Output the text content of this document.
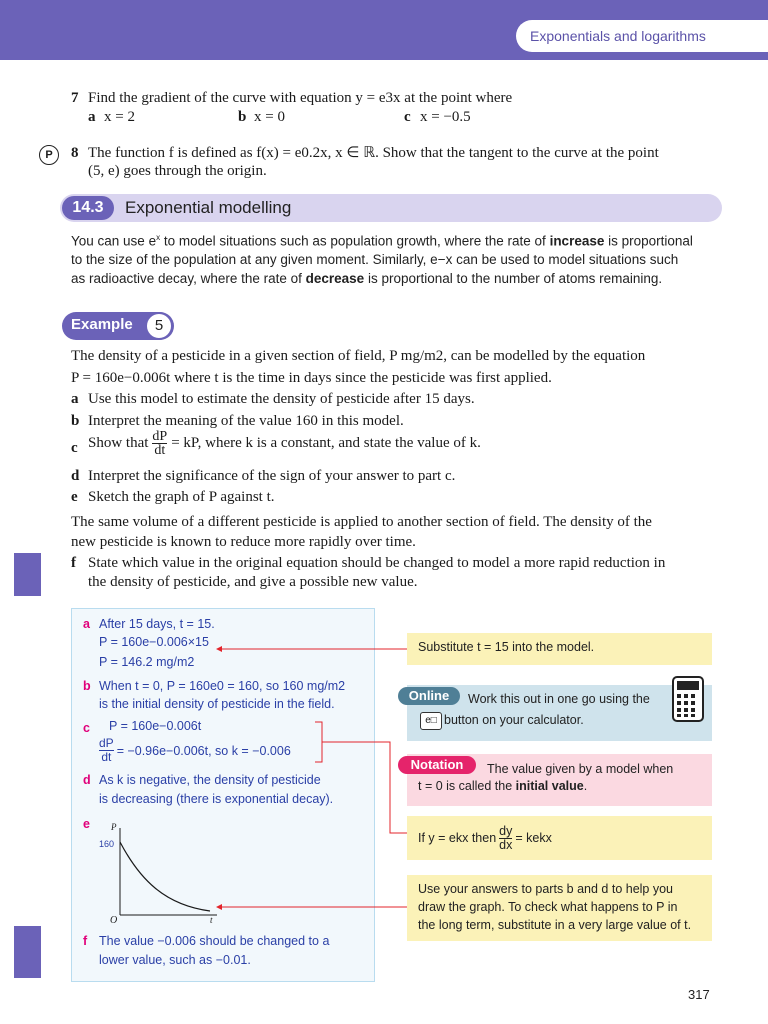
Exponentials and logarithms
7 Find the gradient of the curve with equation y = e3x at the point where
a x = 2	b x = 0	c x = −0.5
P	8 The function f is defined as f(x) = e0.2x, x ∈ ℝ. Show that the tangent to the curve at the point
(5, e) goes through the origin.
14.3	Exponential modelling
You can use $e^x$ to model situations such as population growth, where the rate of increase is proportional
to the size of the population at any given moment. Similarly, e−x can be used to model situations such
as radioactive decay, where the rate of decrease is proportional to the number of atoms remaining.
Example	5
The density of a pesticide in a given section of field, P mg/m2, can be modelled by the equation
P = 160e−0.006t where t is the time in days since the pesticide was first applied.
a Use this model to estimate the density of pesticide after 15 days.
b Interpret the meaning of the value 160 in this model.
c Show that $\frac{dP}{dt}$ = kP, where k is a constant, and state the value of k.
d Interpret the significance of the sign of your answer to part c.
e Sketch the graph of P against t.
The same volume of a different pesticide is applied to another section of field. The density of the
new pesticide is known to reduce more rapidly over time.
f State which value in the original equation should be changed to model a more rapid reduction in
the density of pesticide, and give a possible new value.
a After 15 days, t = 15.
P = 160e−0.006×15
P = 146.2 mg/m2
b When t = 0, P = 160e0 = 160, so 160 mg/m2
is the initial density of pesticide in the field.
c P = 160e−0.006t
$\frac{dP}{dt} = -0.96e-0.006t$, so k = −0.006
d As k is negative, the density of pesticide
is decreasing (there is exponential decay).
e P
t
O
160
f The value −0.006 should be changed to a
lower value, such as −0.01.
Substitute t = 15 into the model.
Online	Work this out in one go using the
e□ button on your calculator.
Notation	The value given by a model when
t = 0 is called the initial value.
If y = ekx then $\frac{dy}{dx}$ = kekx
Use your answers to parts b and d to help you
draw the graph. To check what happens to P in
the long term, substitute in a very large value of t.
317
